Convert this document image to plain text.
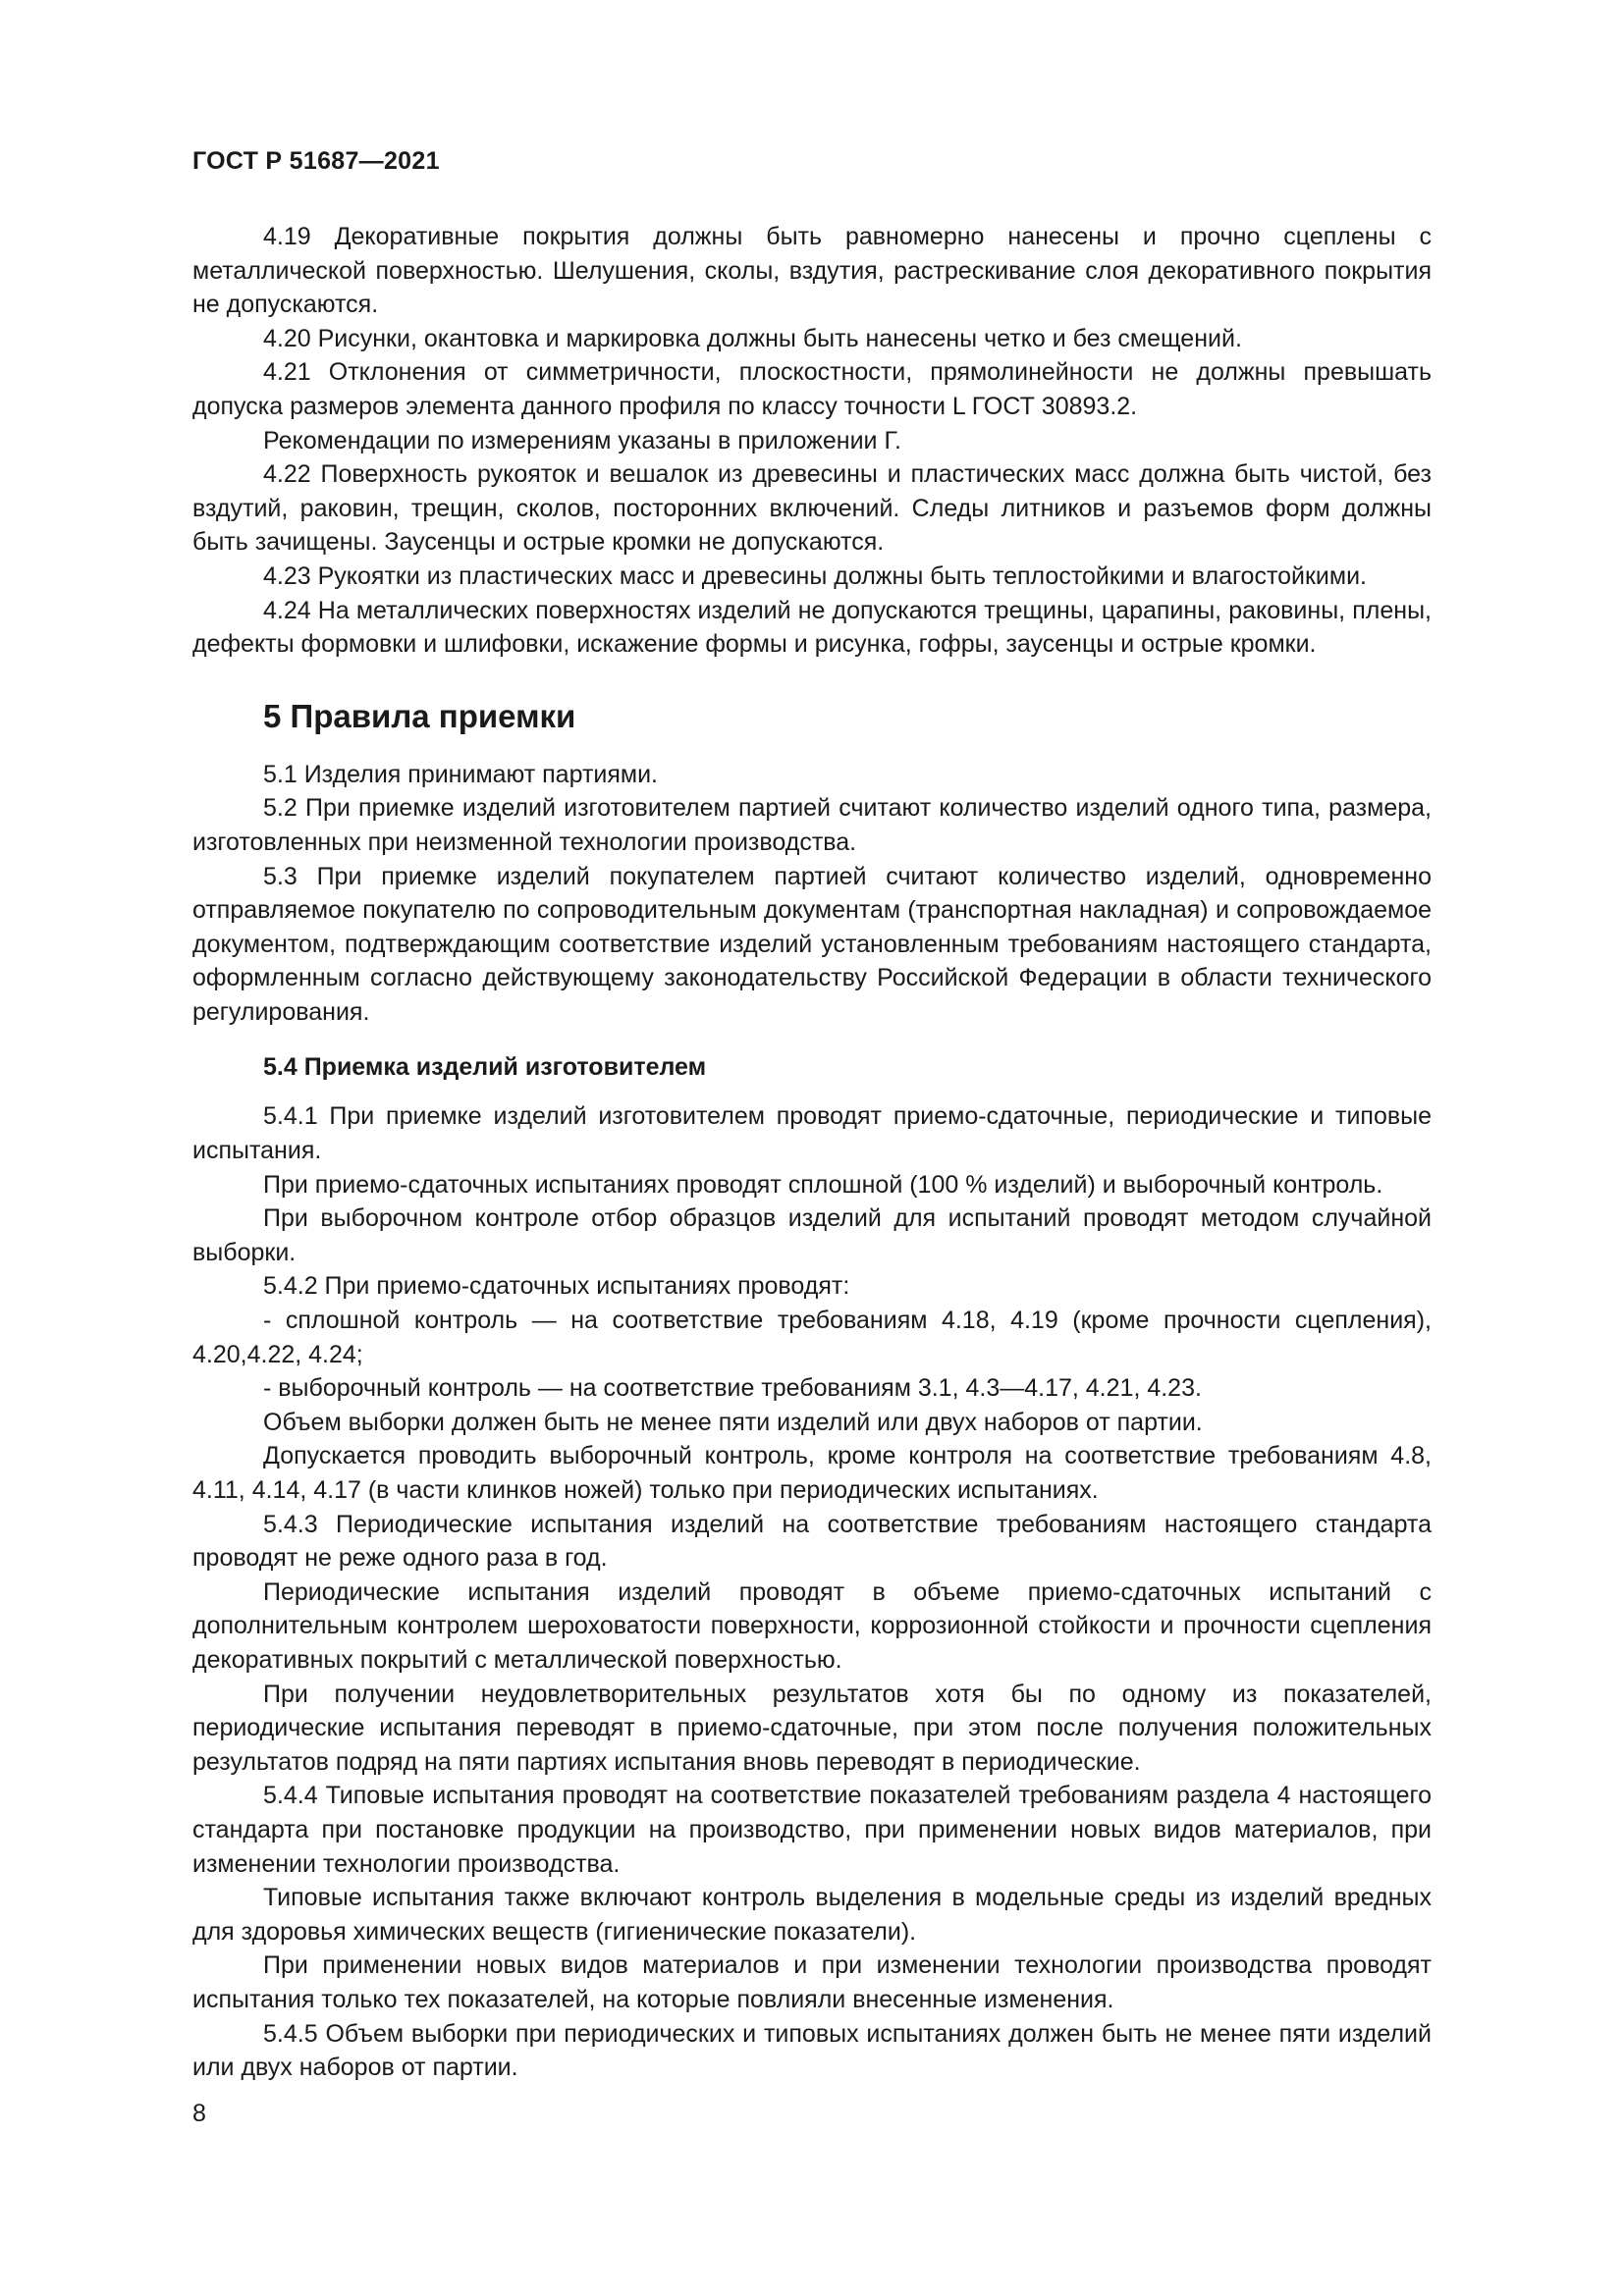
ГОСТ Р 51687—2021

4.19 Декоративные покрытия должны быть равномерно нанесены и прочно сцеплены с металлической поверхностью. Шелушения, сколы, вздутия, растрескивание слоя декоративного покрытия не допускаются.

4.20 Рисунки, окантовка и маркировка должны быть нанесены четко и без смещений.

4.21 Отклонения от симметричности, плоскостности, прямолинейности не должны превышать допуска размеров элемента данного профиля по классу точности L ГОСТ 30893.2.

Рекомендации по измерениям указаны в приложении Г.

4.22 Поверхность рукояток и вешалок из древесины и пластических масс должна быть чистой, без вздутий, раковин, трещин, сколов, посторонних включений. Следы литников и разъемов форм должны быть зачищены. Заусенцы и острые кромки не допускаются.

4.23 Рукоятки из пластических масс и древесины должны быть теплостойкими и влагостойкими.

4.24 На металлических поверхностях изделий не допускаются трещины, царапины, раковины, плены, дефекты формовки и шлифовки, искажение формы и рисунка, гофры, заусенцы и острые кромки.

5 Правила приемки

5.1 Изделия принимают партиями.

5.2 При приемке изделий изготовителем партией считают количество изделий одного типа, размера, изготовленных при неизменной технологии производства.

5.3 При приемке изделий покупателем партией считают количество изделий, одновременно отправляемое покупателю по сопроводительным документам (транспортная накладная) и сопровождаемое документом, подтверждающим соответствие изделий установленным требованиям настоящего стандарта, оформленным согласно действующему законодательству Российской Федерации в области технического регулирования.

5.4 Приемка изделий изготовителем

5.4.1 При приемке изделий изготовителем проводят приемо-сдаточные, периодические и типовые испытания.

При приемо-сдаточных испытаниях проводят сплошной (100 % изделий) и выборочный контроль.

При выборочном контроле отбор образцов изделий для испытаний проводят методом случайной выборки.

5.4.2 При приемо-сдаточных испытаниях проводят:

- сплошной контроль — на соответствие требованиям 4.18, 4.19 (кроме прочности сцепления), 4.20,4.22, 4.24;

- выборочный контроль — на соответствие требованиям 3.1, 4.3—4.17, 4.21, 4.23.

Объем выборки должен быть не менее пяти изделий или двух наборов от партии.

Допускается проводить выборочный контроль, кроме контроля на соответствие требованиям 4.8, 4.11, 4.14, 4.17 (в части клинков ножей) только при периодических испытаниях.

5.4.3 Периодические испытания изделий на соответствие требованиям настоящего стандарта проводят не реже одного раза в год.

Периодические испытания изделий проводят в объеме приемо-сдаточных испытаний с дополнительным контролем шероховатости поверхности, коррозионной стойкости и прочности сцепления декоративных покрытий с металлической поверхностью.

При получении неудовлетворительных результатов хотя бы по одному из показателей, периодические испытания переводят в приемо-сдаточные, при этом после получения положительных результатов подряд на пяти партиях испытания вновь переводят в периодические.

5.4.4 Типовые испытания проводят на соответствие показателей требованиям раздела 4 настоящего стандарта при постановке продукции на производство, при применении новых видов материалов, при изменении технологии производства.

Типовые испытания также включают контроль выделения в модельные среды из изделий вредных для здоровья химических веществ (гигиенические показатели).

При применении новых видов материалов и при изменении технологии производства проводят испытания только тех показателей, на которые повлияли внесенные изменения.

5.4.5 Объем выборки при периодических и типовых испытаниях должен быть не менее пяти изделий или двух наборов от партии.

8
